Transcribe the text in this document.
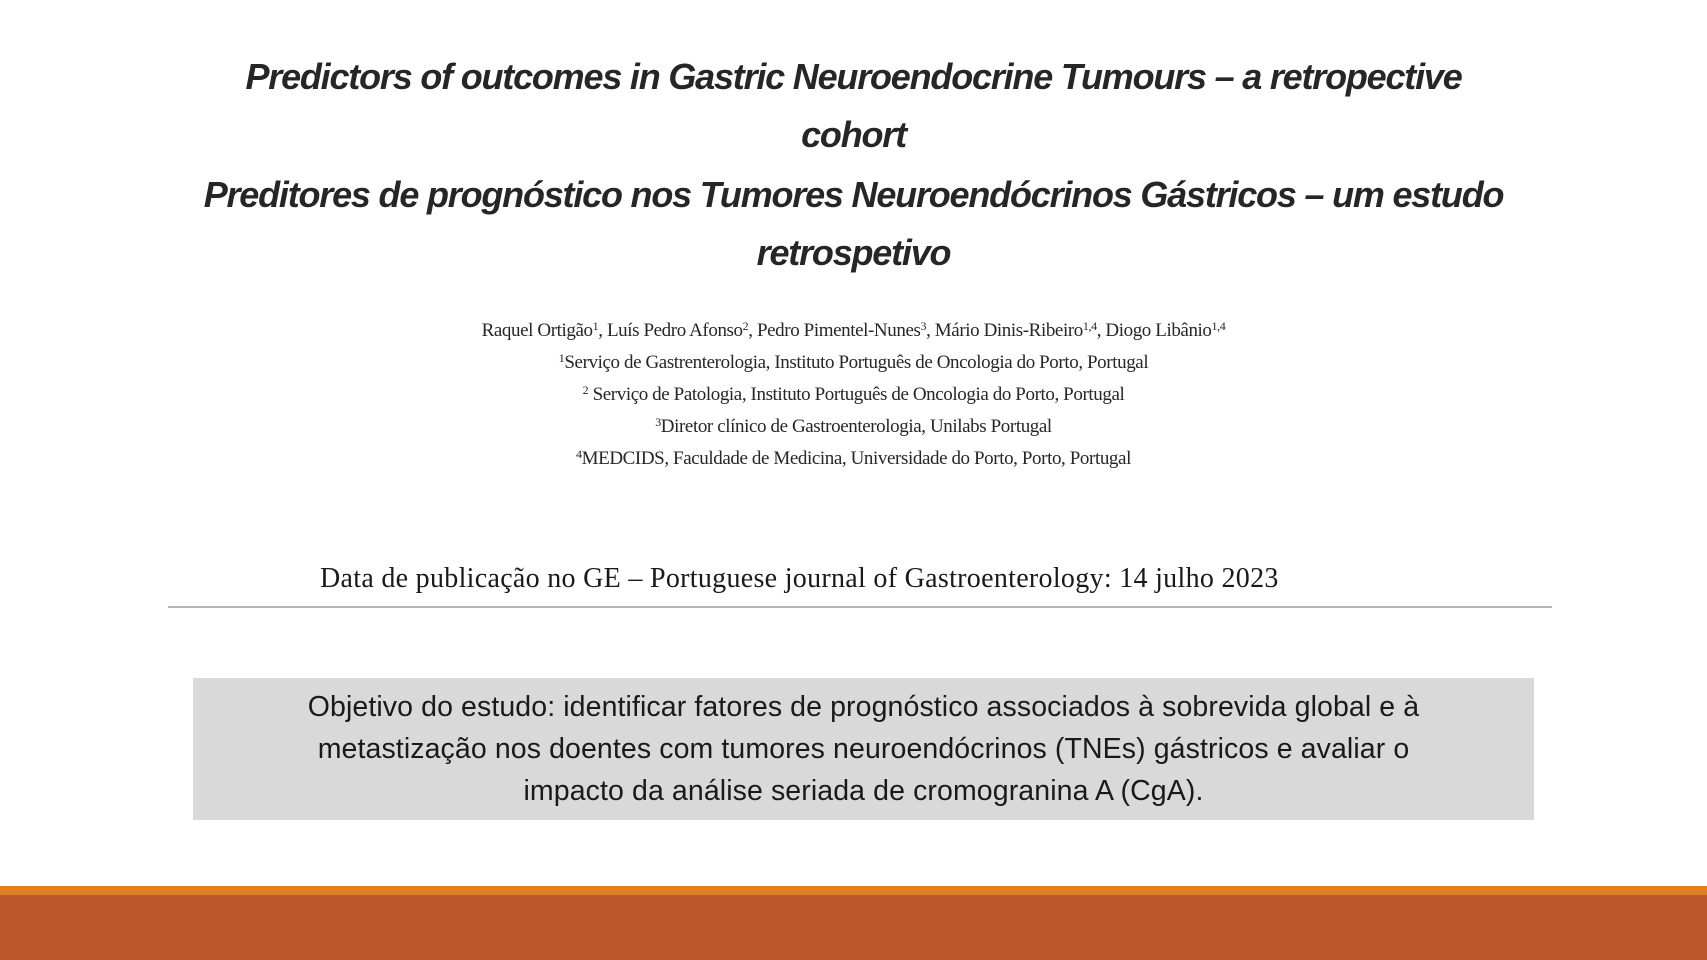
Predictors of outcomes in Gastric Neuroendocrine Tumours – a retropective
cohort
Preditores de prognóstico nos Tumores Neuroendócrinos Gástricos – um estudo
retrospetivo
Raquel Ortigão$^1$, Luís Pedro Afonso$^2$, Pedro Pimentel-Nunes$^3$, Mário Dinis-Ribeiro$^{1,4}$, Diogo Libânio$^{1,4}$
$^1$Serviço de Gastrenterologia, Instituto Português de Oncologia do Porto, Portugal
$^2$ Serviço de Patologia, Instituto Português de Oncologia do Porto, Portugal
$^3$Diretor clínico de Gastroenterologia, Unilabs Portugal
$^4$MEDCIDS, Faculdade de Medicina, Universidade do Porto, Porto, Portugal
Data de publicação no GE – Portuguese journal of Gastroenterology: 14 julho 2023
Objetivo do estudo: identificar fatores de prognóstico associados à sobrevida global e à
metastização nos doentes com tumores neuroendócrinos (TNEs) gástricos e avaliar o
impacto da análise seriada de cromogranina A (CgA).
